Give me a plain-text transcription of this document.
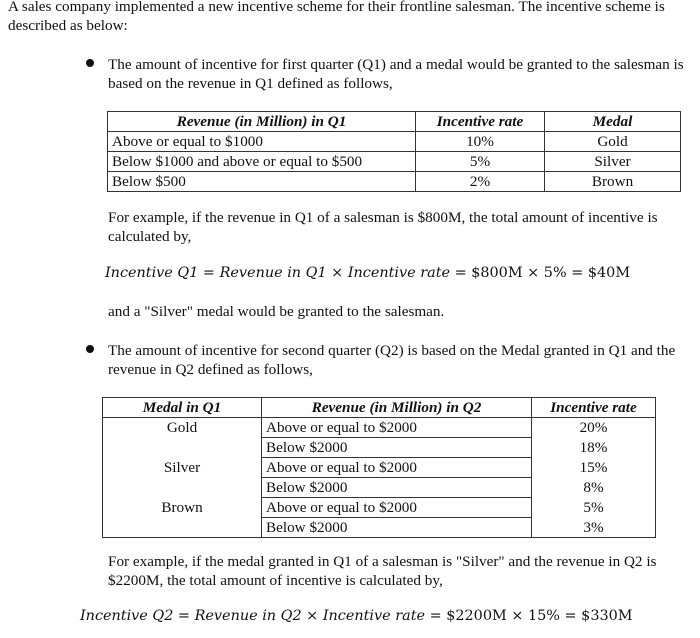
A sales company implemented a new incentive scheme for their frontline salesman. The incentive scheme is described as below:
The amount of incentive for first quarter (Q1) and a medal would be granted to the salesman is based on the revenue in Q1 defined as follows,
Revenue (in Million) in Q1	Incentive rate	Medal
Above or equal to $1000	10%	Gold
Below $1000 and above or equal to $500	5%	Silver
Below $500	2%	Brown
For example, if the revenue in Q1 of a salesman is $800M, the total amount of incentive is calculated by,
Incentive Q1 = Revenue in Q1 × Incentive rate = $800M × 5% = $40M
and a "Silver" medal would be granted to the salesman.
The amount of incentive for second quarter (Q2) is based on the Medal granted in Q1 and the revenue in Q2 defined as follows,
Medal in Q1	Revenue (in Million) in Q2	Incentive rate
Gold	Above or equal to $2000	20%
	Below $2000	18%
Silver	Above or equal to $2000	15%
	Below $2000	8%
Brown	Above or equal to $2000	5%
	Below $2000	3%
For example, if the medal granted in Q1 of a salesman is "Silver" and the revenue in Q2 is $2200M, the total amount of incentive is calculated by,
Incentive Q2 = Revenue in Q2 × Incentive rate = $2200M × 15% = $330M
